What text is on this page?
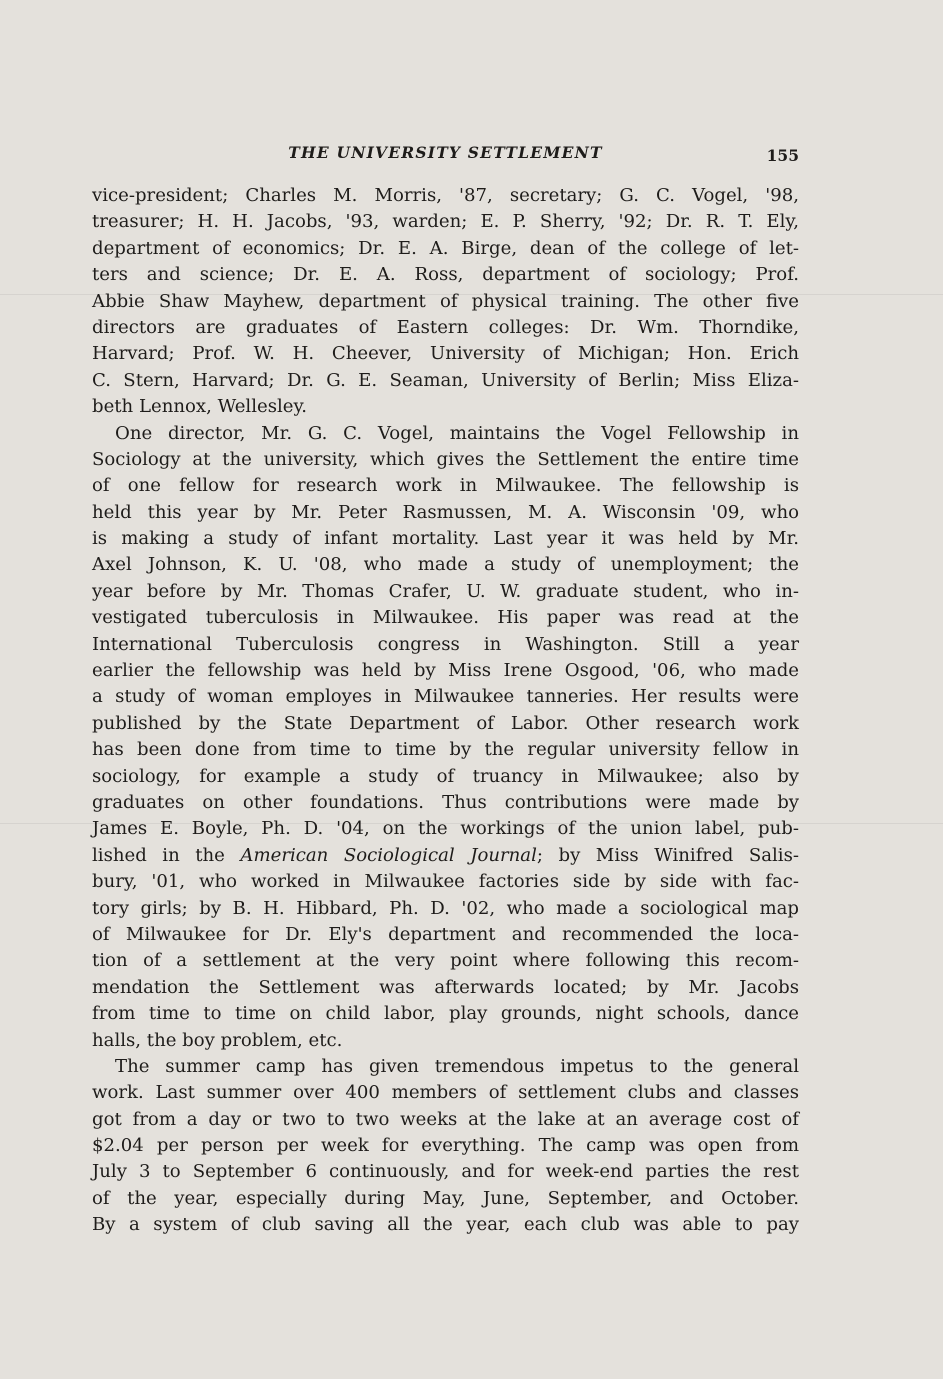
THE UNIVERSITY SETTLEMENT	155
vice-president; Charles M. Morris, '87, secretary; G. C. Vogel, '98,
treasurer; H. H. Jacobs, '93, warden; E. P. Sherry, '92; Dr. R. T. Ely,
department of economics; Dr. E. A. Birge, dean of the college of let-
ters and science; Dr. E. A. Ross, department of sociology; Prof.
Abbie Shaw Mayhew, department of physical training. The other five
directors are graduates of Eastern colleges: Dr. Wm. Thorndike,
Harvard; Prof. W. H. Cheever, University of Michigan; Hon. Erich
C. Stern, Harvard; Dr. G. E. Seaman, University of Berlin; Miss Eliza-
beth Lennox, Wellesley.
One director, Mr. G. C. Vogel, maintains the Vogel Fellowship in
Sociology at the university, which gives the Settlement the entire time
of one fellow for research work in Milwaukee. The fellowship is
held this year by Mr. Peter Rasmussen, M. A. Wisconsin '09, who
is making a study of infant mortality. Last year it was held by Mr.
Axel Johnson, K. U. '08, who made a study of unemployment; the
year before by Mr. Thomas Crafer, U. W. graduate student, who in-
vestigated tuberculosis in Milwaukee. His paper was read at the
International Tuberculosis congress in Washington. Still a year
earlier the fellowship was held by Miss Irene Osgood, '06, who made
a study of woman employes in Milwaukee tanneries. Her results were
published by the State Department of Labor. Other research work
has been done from time to time by the regular university fellow in
sociology, for example a study of truancy in Milwaukee; also by
graduates on other foundations. Thus contributions were made by
James E. Boyle, Ph. D. '04, on the workings of the union label, pub-
lished in the American Sociological Journal; by Miss Winifred Salis-
bury, '01, who worked in Milwaukee factories side by side with fac-
tory girls; by B. H. Hibbard, Ph. D. '02, who made a sociological map
of Milwaukee for Dr. Ely's department and recommended the loca-
tion of a settlement at the very point where following this recom-
mendation the Settlement was afterwards located; by Mr. Jacobs
from time to time on child labor, play grounds, night schools, dance
halls, the boy problem, etc.
The summer camp has given tremendous impetus to the general
work. Last summer over 400 members of settlement clubs and classes
got from a day or two to two weeks at the lake at an average cost of
$2.04 per person per week for everything. The camp was open from
July 3 to September 6 continuously, and for week-end parties the rest
of the year, especially during May, June, September, and October.
By a system of club saving all the year, each club was able to pay
